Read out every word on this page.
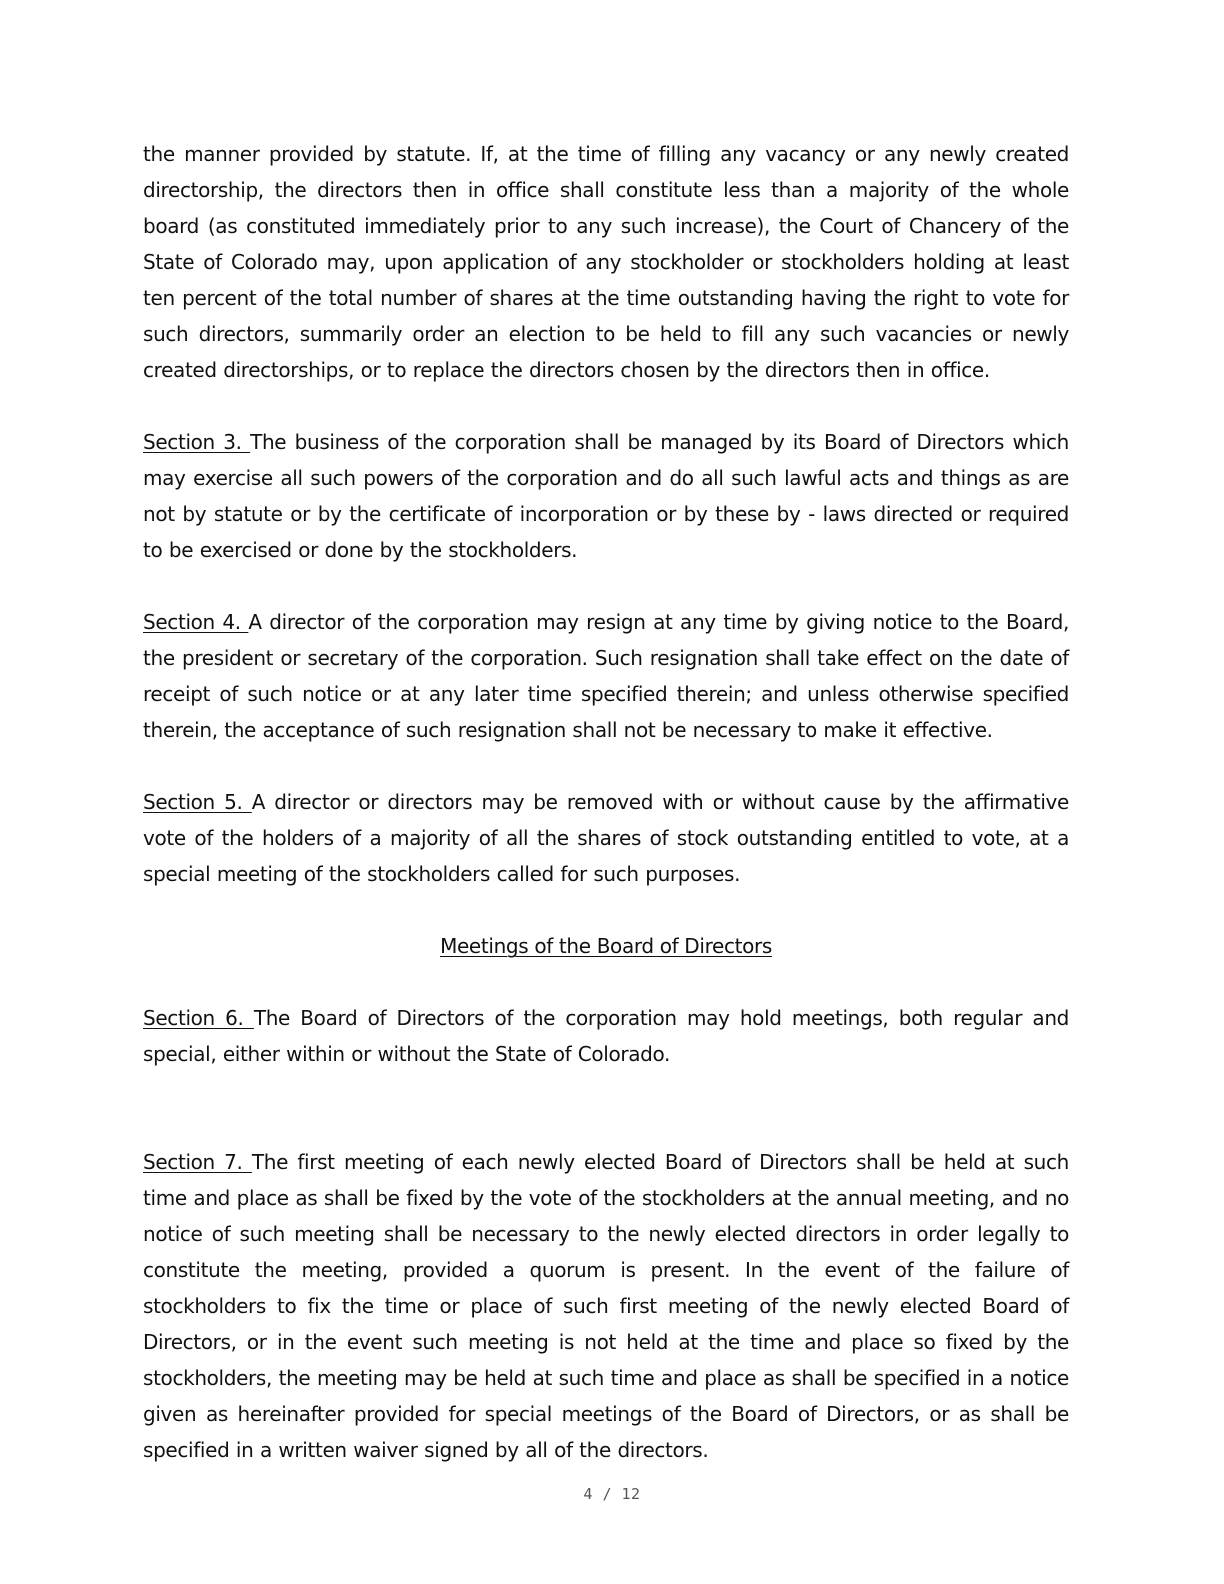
the manner provided by statute. If, at the time of filling any vacancy or any newly created directorship, the directors then in office shall constitute less than a majority of the whole board (as constituted immediately prior to any such increase), the Court of Chancery of the State of Colorado may, upon application of any stockholder or stockholders holding at least ten percent of the total number of shares at the time outstanding having the right to vote for such directors, summarily order an election to be held to fill any such vacancies or newly created directorships, or to replace the directors chosen by the directors then in office.

Section 3. The business of the corporation shall be managed by its Board of Directors which may exercise all such powers of the corporation and do all such lawful acts and things as are not by statute or by the certificate of incorporation or by these by - laws directed or required to be exercised or done by the stockholders.

Section 4. A director of the corporation may resign at any time by giving notice to the Board, the president or secretary of the corporation. Such resignation shall take effect on the date of receipt of such notice or at any later time specified therein; and unless otherwise specified therein, the acceptance of such resignation shall not be necessary to make it effective.

Section 5. A director or directors may be removed with or without cause by the affirmative vote of the holders of a majority of all the shares of stock outstanding entitled to vote, at a special meeting of the stockholders called for such purposes.

Meetings of the Board of Directors

Section 6. The Board of Directors of the corporation may hold meetings, both regular and special, either within or without the State of Colorado.

Section 7. The first meeting of each newly elected Board of Directors shall be held at such time and place as shall be fixed by the vote of the stockholders at the annual meeting, and no notice of such meeting shall be necessary to the newly elected directors in order legally to constitute the meeting, provided a quorum is present. In the event of the failure of stockholders to fix the time or place of such first meeting of the newly elected Board of Directors, or in the event such meeting is not held at the time and place so fixed by the stockholders, the meeting may be held at such time and place as shall be specified in a notice given as hereinafter provided for special meetings of the Board of Directors, or as shall be specified in a written waiver signed by all of the directors.

4 / 12
